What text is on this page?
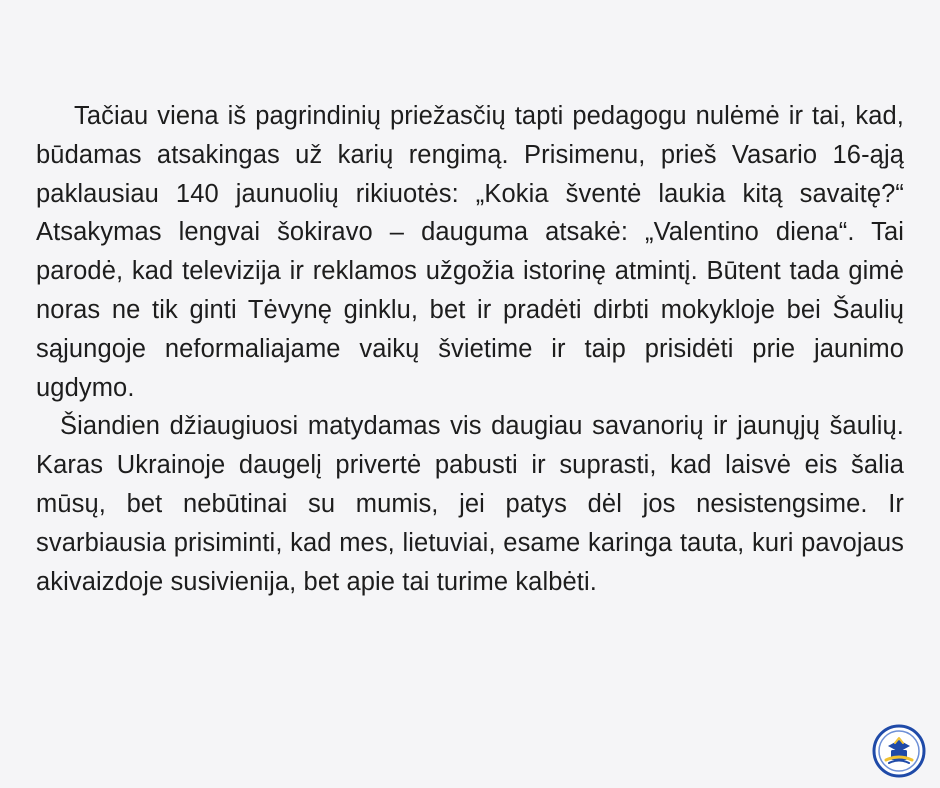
Tačiau viena iš pagrindinių priežasčių tapti pedagogu nulėmė ir tai, kad, būdamas atsakingas už karių rengimą. Prisimenu, prieš Vasario 16-ąją paklausiau 140 jaunuolių rikiuotės: „Kokia šventė laukia kitą savaitę?“ Atsakymas lengvai šokiravo – dauguma atsakė: „Valentino diena“. Tai parodė, kad televizija ir reklamos užgožia istorinę atmintį. Būtent tada gimė noras ne tik ginti Tėvynę ginklu, bet ir pradėti dirbti mokykloje bei Šaulių sąjungoje neformaliajame vaikų švietime ir taip prisidėti prie jaunimo ugdymo.

Šiandien džiaugiuosi matydamas vis daugiau savanorių ir jaunųjų šaulių. Karas Ukrainoje daugelį privertė pabusti ir suprasti, kad laisvė eis šalia mūsų, bet nebūtinai su mumis, jei patys dėl jos nesistengsime. Ir svarbiausia prisiminti, kad mes, lietuviai, esame karinga tauta, kuri pavojaus akivaizdoje susivienija, bet apie tai turime kalbėti.
